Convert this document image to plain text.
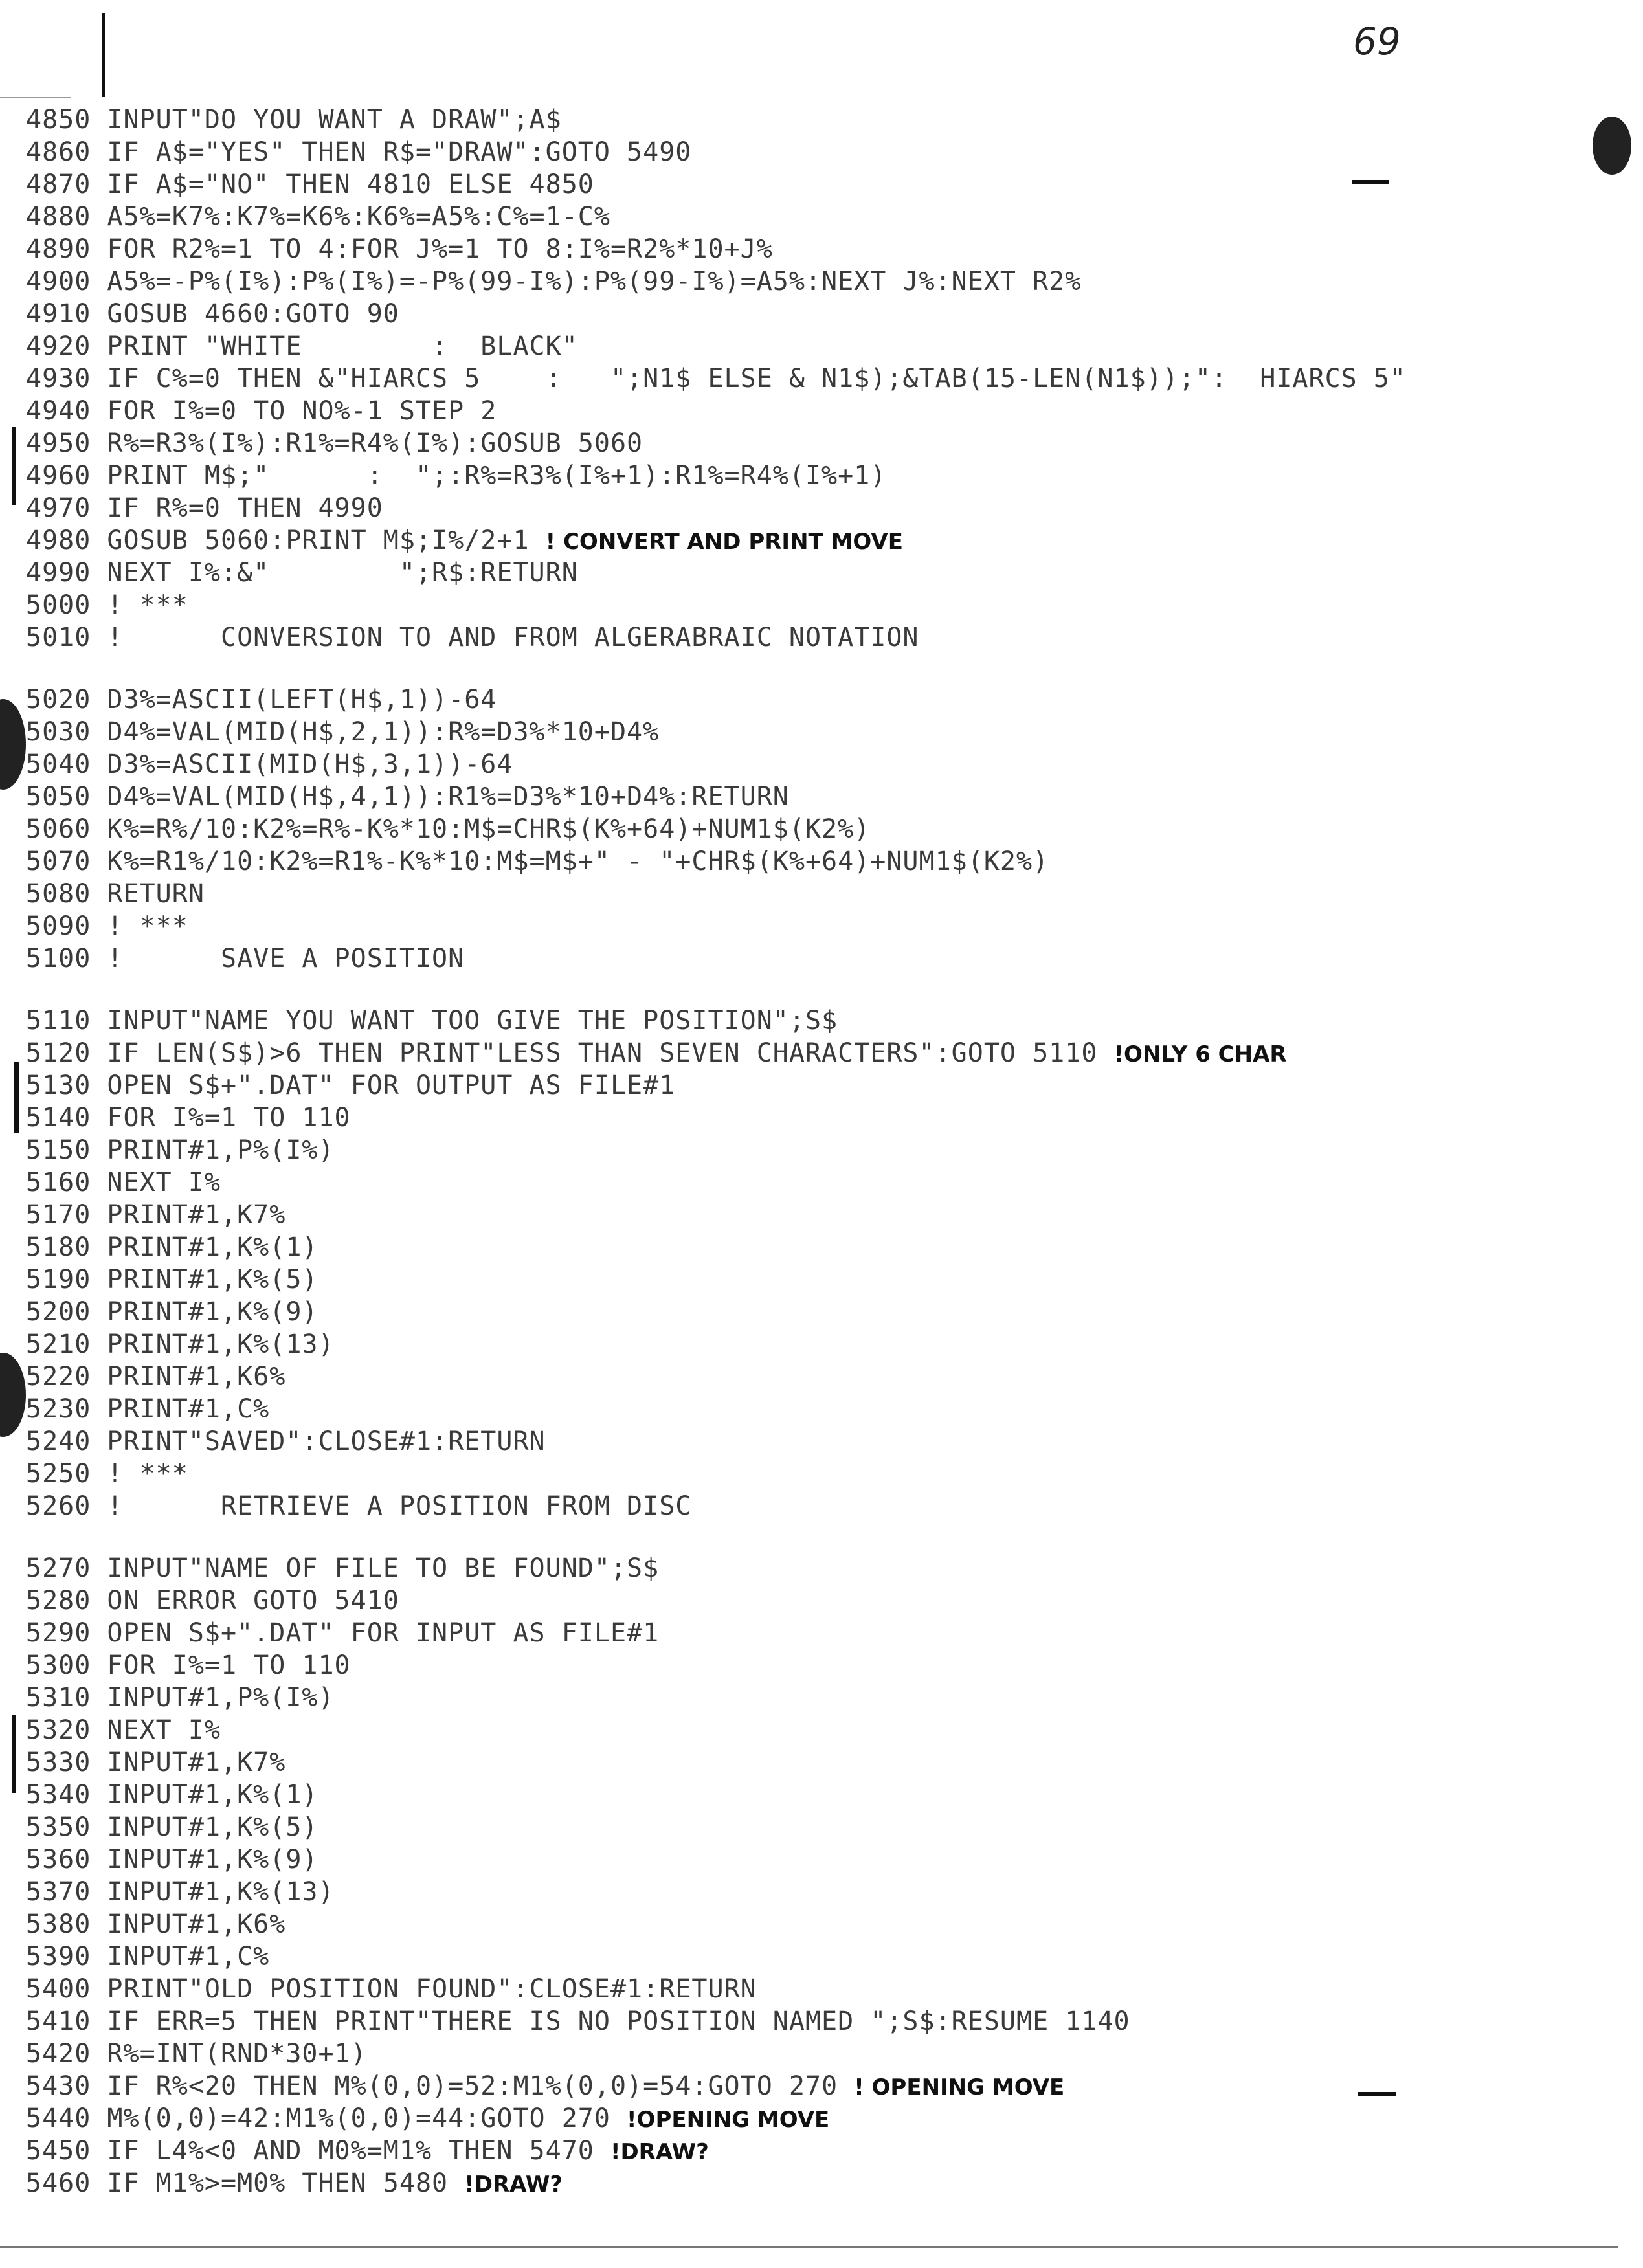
69
4850 INPUT"DO YOU WANT A DRAW";A$
4860 IF A$="YES" THEN R$="DRAW":GOTO 5490
4870 IF A$="NO" THEN 4810 ELSE 4850
4880 A5%=K7%:K7%=K6%:K6%=A5%:C%=1-C%
4890 FOR R2%=1 TO 4:FOR J%=1 TO 8:I%=R2%*10+J%
4900 A5%=-P%(I%):P%(I%)=-P%(99-I%):P%(99-I%)=A5%:NEXT J%:NEXT R2%
4910 GOSUB 4660:GOTO 90
4920 PRINT "WHITE        :  BLACK"
4930 IF C%=0 THEN &"HIARCS 5    :   ";N1$ ELSE & N1$);&TAB(15-LEN(N1$));":  HIARCS 5"
4940 FOR I%=0 TO NO%-1 STEP 2
4950 R%=R3%(I%):R1%=R4%(I%):GOSUB 5060
4960 PRINT M$;"      :  ";:R%=R3%(I%+1):R1%=R4%(I%+1)
4970 IF R%=0 THEN 4990
4980 GOSUB 5060:PRINT M$;I%/2+1 ! CONVERT AND PRINT MOVE
4990 NEXT I%:&"        ";R$:RETURN
5000 ! ***
5010 !      CONVERSION TO AND FROM ALGERABRAIC NOTATION
5020 D3%=ASCII(LEFT(H$,1))-64
5030 D4%=VAL(MID(H$,2,1)):R%=D3%*10+D4%
5040 D3%=ASCII(MID(H$,3,1))-64
5050 D4%=VAL(MID(H$,4,1)):R1%=D3%*10+D4%:RETURN
5060 K%=R%/10:K2%=R%-K%*10:M$=CHR$(K%+64)+NUM1$(K2%)
5070 K%=R1%/10:K2%=R1%-K%*10:M$=M$+" - "+CHR$(K%+64)+NUM1$(K2%)
5080 RETURN
5090 ! ***
5100 !      SAVE A POSITION
5110 INPUT"NAME YOU WANT TOO GIVE THE POSITION";S$
5120 IF LEN(S$)>6 THEN PRINT"LESS THAN SEVEN CHARACTERS":GOTO 5110 !ONLY 6 CHAR
5130 OPEN S$+".DAT" FOR OUTPUT AS FILE#1
5140 FOR I%=1 TO 110
5150 PRINT#1,P%(I%)
5160 NEXT I%
5170 PRINT#1,K7%
5180 PRINT#1,K%(1)
5190 PRINT#1,K%(5)
5200 PRINT#1,K%(9)
5210 PRINT#1,K%(13)
5220 PRINT#1,K6%
5230 PRINT#1,C%
5240 PRINT"SAVED":CLOSE#1:RETURN
5250 ! ***
5260 !      RETRIEVE A POSITION FROM DISC
5270 INPUT"NAME OF FILE TO BE FOUND";S$
5280 ON ERROR GOTO 5410
5290 OPEN S$+".DAT" FOR INPUT AS FILE#1
5300 FOR I%=1 TO 110
5310 INPUT#1,P%(I%)
5320 NEXT I%
5330 INPUT#1,K7%
5340 INPUT#1,K%(1)
5350 INPUT#1,K%(5)
5360 INPUT#1,K%(9)
5370 INPUT#1,K%(13)
5380 INPUT#1,K6%
5390 INPUT#1,C%
5400 PRINT"OLD POSITION FOUND":CLOSE#1:RETURN
5410 IF ERR=5 THEN PRINT"THERE IS NO POSITION NAMED ";S$:RESUME 1140
5420 R%=INT(RND*30+1)
5430 IF R%<20 THEN M%(0,0)=52:M1%(0,0)=54:GOTO 270 ! OPENING MOVE
5440 M%(0,0)=42:M1%(0,0)=44:GOTO 270 !OPENING MOVE
5450 IF L4%<0 AND M0%=M1% THEN 5470 !DRAW?
5460 IF M1%>=M0% THEN 5480 !DRAW?
